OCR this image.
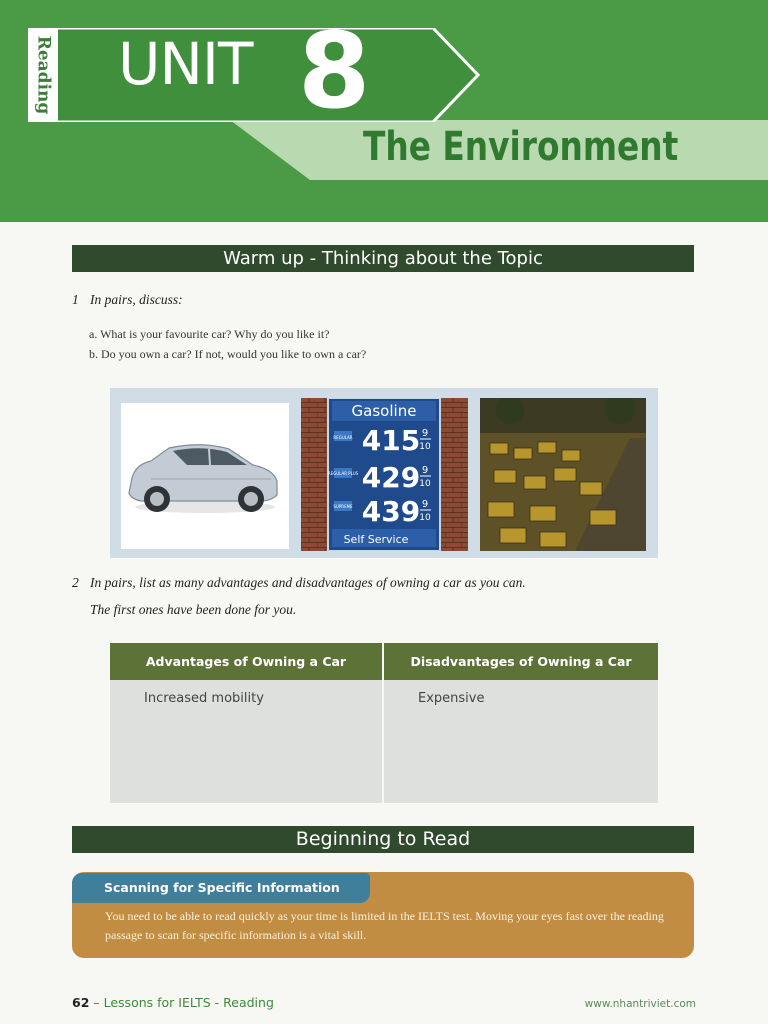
Reading UNIT 8
The Environment
Warm up - Thinking about the Topic
1 In pairs, discuss:
a. What is your favourite car? Why do you like it?
b. Do you own a car? If not, would you like to own a car?
Gasoline
REGULAR 415 9
10
REGULAR PLUS 429 9
10
SUPREME 439 9
10
Self Service
2 In pairs, list as many advantages and disadvantages of owning a car as you can.
The first ones have been done for you.
Advantages of Owning a Car	Disadvantages of Owning a Car
Increased mobility	Expensive
Beginning to Read
Scanning for Specific Information
You need to be able to read quickly as your time is limited in the IELTS test. Moving your eyes fast over the reading passage to scan for specific information is a vital skill.
62 – Lessons for IELTS - Reading	www.nhantriviet.com
